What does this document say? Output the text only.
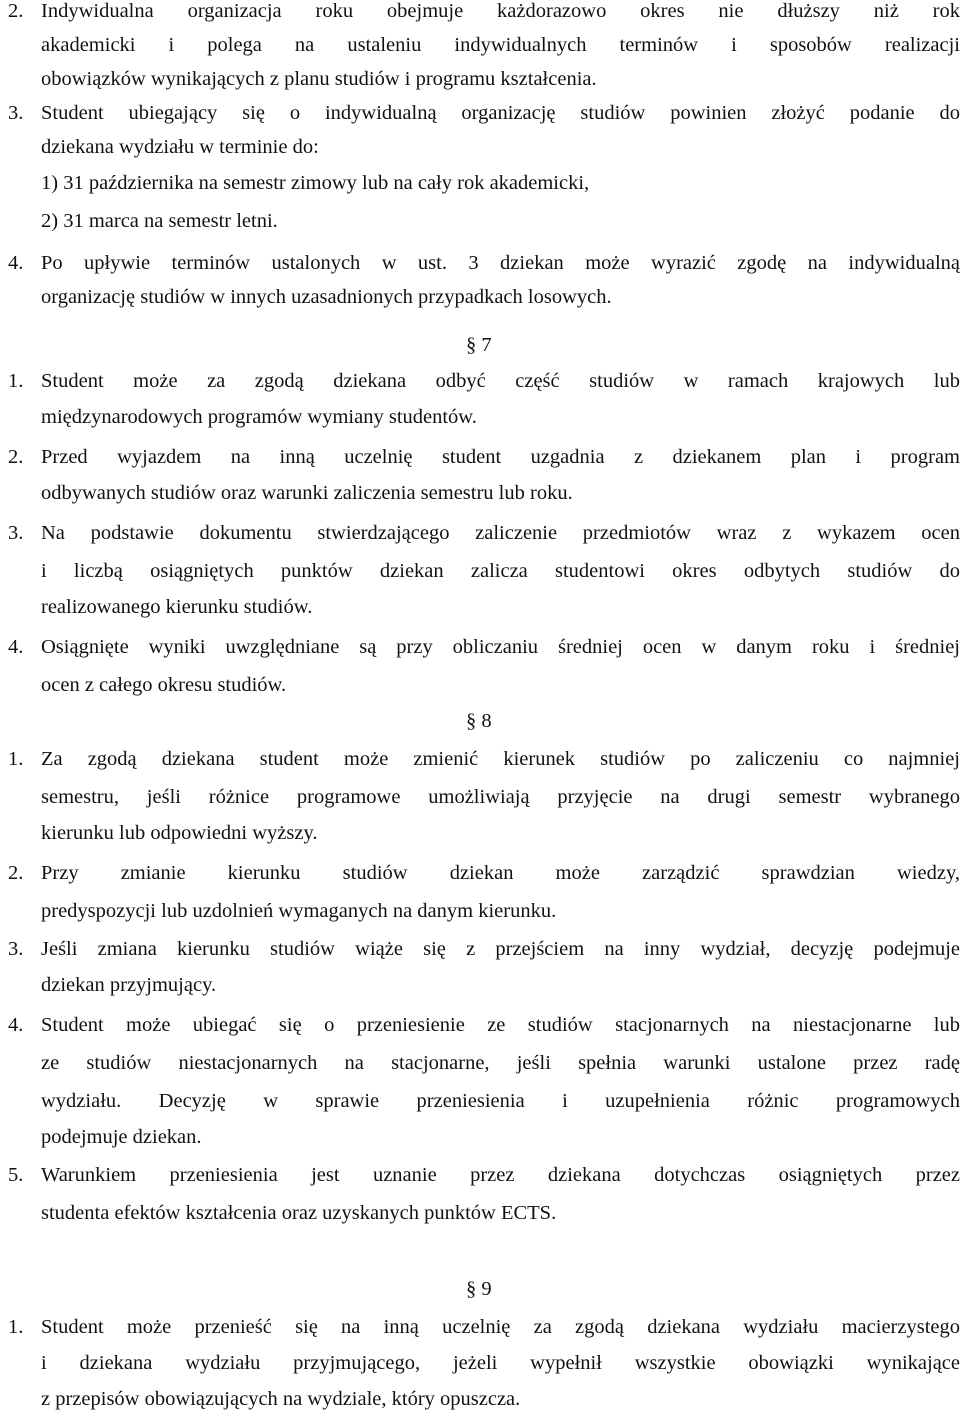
2. Indywidualna organizacja roku obejmuje każdorazowo okres nie dłuższy niż rok
akademicki i polega na ustaleniu indywidualnych terminów i sposobów realizacji
obowiązków wynikających z planu studiów i programu kształcenia.
3. Student ubiegający się o indywidualną organizację studiów powinien złożyć podanie do
dziekana wydziału w terminie do:
1) 31 października na semestr zimowy lub na cały rok akademicki,
2) 31 marca na semestr letni.
4. Po upływie terminów ustalonych w ust. 3 dziekan może wyrazić zgodę na indywidualną
organizację studiów w innych uzasadnionych przypadkach losowych.
§ 7
1. Student może za zgodą dziekana odbyć część studiów w ramach krajowych lub
międzynarodowych programów wymiany studentów.
2. Przed wyjazdem na inną uczelnię student uzgadnia z dziekanem plan i program
odbywanych studiów oraz warunki zaliczenia semestru lub roku.
3. Na podstawie dokumentu stwierdzającego zaliczenie przedmiotów wraz z wykazem ocen
i liczbą osiągniętych punktów dziekan zalicza studentowi okres odbytych studiów do
realizowanego kierunku studiów.
4. Osiągnięte wyniki uwzględniane są przy obliczaniu średniej ocen w danym roku i średniej
ocen z całego okresu studiów.
§ 8
1. Za zgodą dziekana student może zmienić kierunek studiów po zaliczeniu co najmniej
semestru, jeśli różnice programowe umożliwiają przyjęcie na drugi semestr wybranego
kierunku lub odpowiedni wyższy.
2. Przy zmianie kierunku studiów dziekan może zarządzić sprawdzian wiedzy,
predyspozycji lub uzdolnień wymaganych na danym kierunku.
3. Jeśli zmiana kierunku studiów wiąże się z przejściem na inny wydział, decyzję podejmuje
dziekan przyjmujący.
4. Student może ubiegać się o przeniesienie ze studiów stacjonarnych na niestacjonarne lub
ze studiów niestacjonarnych na stacjonarne, jeśli spełnia warunki ustalone przez radę
wydziału. Decyzję w sprawie przeniesienia i uzupełnienia różnic programowych
podejmuje dziekan.
5. Warunkiem przeniesienia jest uznanie przez dziekana dotychczas osiągniętych przez
studenta efektów kształcenia oraz uzyskanych punktów ECTS.
§ 9
1. Student może przenieść się na inną uczelnię za zgodą dziekana wydziału macierzystego
i dziekana wydziału przyjmującego, jeżeli wypełnił wszystkie obowiązki wynikające
z przepisów obowiązujących na wydziale, który opuszcza.
